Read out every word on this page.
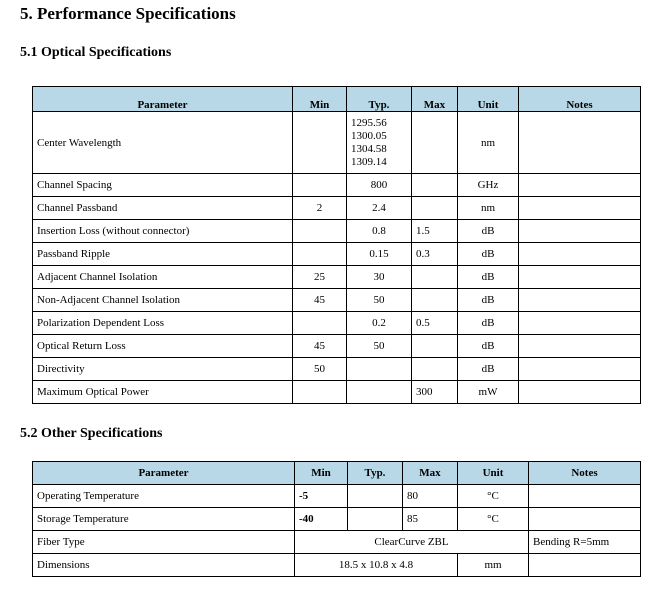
5. Performance Specifications
5.1 Optical Specifications
Parameter	Min	Typ.	Max	Unit	Notes
Center Wavelength		1295.56
1300.05
1304.58
1309.14		nm	
Channel Spacing		800		GHz	
Channel Passband	2	2.4		nm	
Insertion Loss (without connector)		0.8	1.5	dB	
Passband Ripple		0.15	0.3	dB	
Adjacent Channel Isolation	25	30		dB	
Non-Adjacent Channel Isolation	45	50		dB	
Polarization Dependent Loss		0.2	0.5	dB	
Optical Return Loss	45	50		dB	
Directivity	50			dB	
Maximum Optical Power			300	mW	
5.2 Other Specifications
Parameter	Min	Typ.	Max	Unit	Notes
Operating Temperature	-5		80	°C	
Storage Temperature	-40		85	°C	
Fiber Type	ClearCurve ZBL				Bending R=5mm
Dimensions	18.5 x 10.8 x 4.8			mm	
